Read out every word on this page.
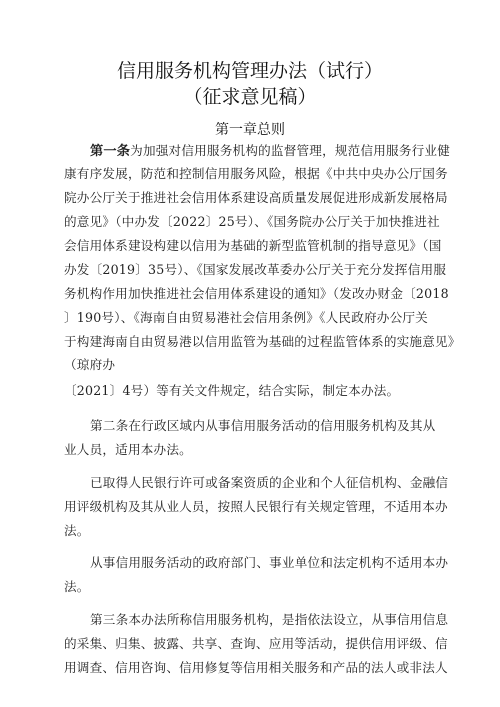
信用服务机构管理办法（试行）
（征求意见稿）
第一章总则
第一条为加强对信用服务机构的监督管理，规范信用服务行业健
康有序发展，防范和控制信用服务风险，根据《中共中央办公厅国务
院办公厅关于推进社会信用体系建设高质量发展促进形成新发展格局
的意见》（中办发〔2022〕25号）、《国务院办公厅关于加快推进社
会信用体系建设构建以信用为基础的新型监管机制的指导意见》（国
办发〔2019〕35号）、《国家发展改革委办公厅关于充分发挥信用服
务机构作用加快推进社会信用体系建设的通知》（发改办财金〔2018
〕190号）、《海南自由贸易港社会信用条例》《人民政府办公厅关
于构建海南自由贸易港以信用监管为基础的过程监管体系的实施意见》
（琼府办
〔2021〕4号）等有关文件规定，结合实际，制定本办法。
第二条在行政区域内从事信用服务活动的信用服务机构及其从
业人员，适用本办法。
已取得人民银行许可或备案资质的企业和个人征信机构、金融信
用评级机构及其从业人员，按照人民银行有关规定管理，不适用本办
法。
从事信用服务活动的政府部门、事业单位和法定机构不适用本办
法。
第三条本办法所称信用服务机构，是指依法设立，从事信用信息
的采集、归集、披露、共享、查询、应用等活动，提供信用评级、信
用调查、信用咨询、信用修复等信用相关服务和产品的法人或非法人
